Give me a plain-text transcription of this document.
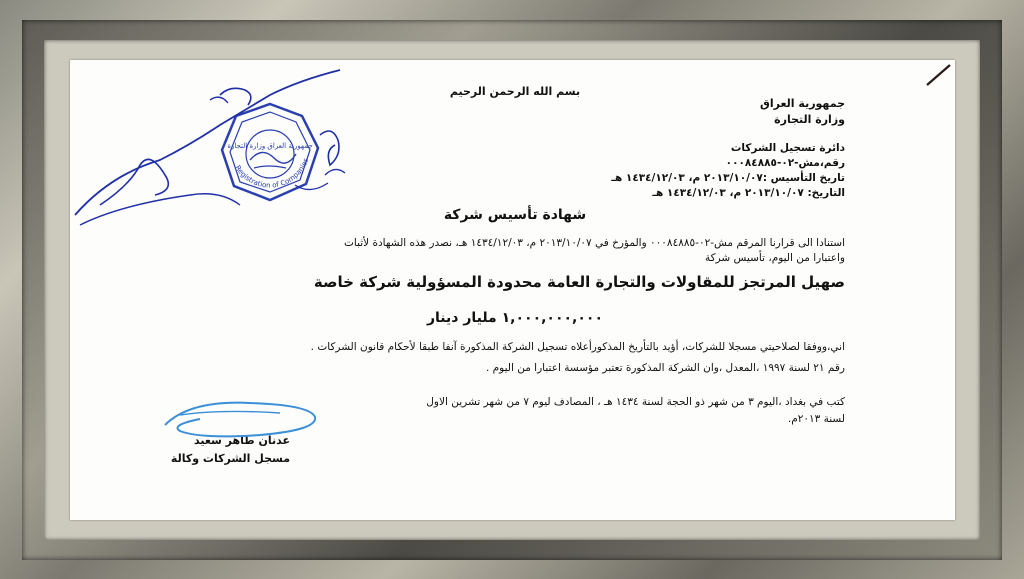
بسم الله الرحمن الرحيم
جمهورية العراق
وزارة التجارة
دائرة تسجيل الشركات
رقم،مش-٠٢-٠٠٠٨٤٨٨٥
تاريخ التأسيس :٢٠١٣/١٠/٠٧ م، ١٤٣٤/١٢/٠٣ هـ
التاريخ: ٢٠١٣/١٠/٠٧ م، ١٤٣٤/١٢/٠٣ هـ
شهادة تأسيس شركة
استنادا الى قرارنا المرقم مش-٠٢-٠٠٠٨٤٨٨٥ والمؤرخ في ٢٠١٣/١٠/٠٧ م، ١٤٣٤/١٢/٠٣ هـ، نصدر هذه الشهادة لأثبات
واعتبارا من اليوم، تأسيس شركة
صهيل المرتجز للمقاولات والتجارة العامة محدودة المسؤولية شركة خاصة
١,٠٠٠,٠٠٠,٠٠٠ مليار دينار
اني،ووفقا لصلاحيتي مسجلا للشركات، أؤيد بالتأريخ المذكورأعلاه تسجيل الشركة المذكورة آنفا طبقا لأحكام قانون الشركات .
رقم ٢١ لسنة ١٩٩٧ ،المعدل ،وان الشركة المذكورة تعتبر مؤسسة اعتبارا من اليوم .
كتب في بغداد ،اليوم ٣ من شهر ذو الحجة لسنة ١٤٣٤ هـ ، المصادف ليوم ٧ من شهر تشرين الاول
لسنة ٢٠١٣م.
عدنان طاهر سعيد
مسجل الشركات وكالة
Registration of Companies
جمهورية العراق وزارة التجارة
